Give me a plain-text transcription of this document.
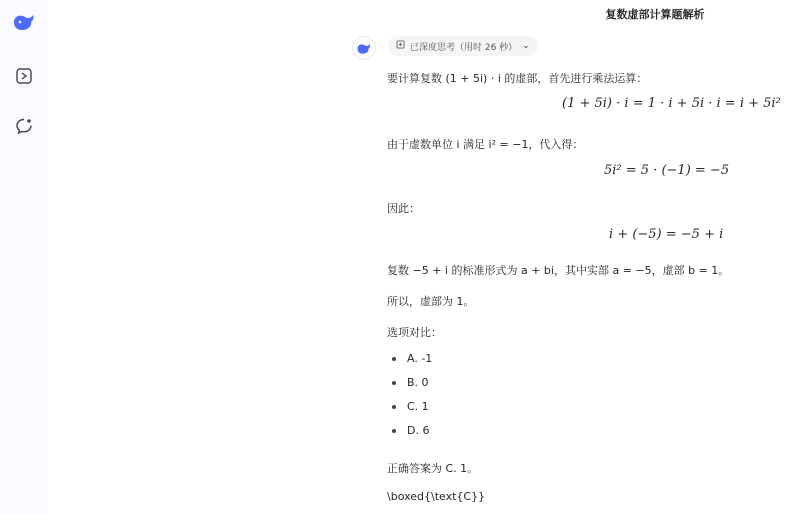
复数虚部计算题解析
已深度思考（用时 26 秒） ⌄
要计算复数 (1 + 5i) · i 的虚部，首先进行乘法运算：
(1 + 5i) · i = 1 · i + 5i · i = i + 5i²
由于虚数单位 i 满足 i² = −1，代入得：
5i² = 5 · (−1) = −5
因此：
i + (−5) = −5 + i
复数 −5 + i 的标准形式为 a + bi，其中实部 a = −5，虚部 b = 1。
所以，虚部为 1。
选项对比：
A. -1
B. 0
C. 1
D. 6
正确答案为 C. 1。
\boxed{\text{C}}
